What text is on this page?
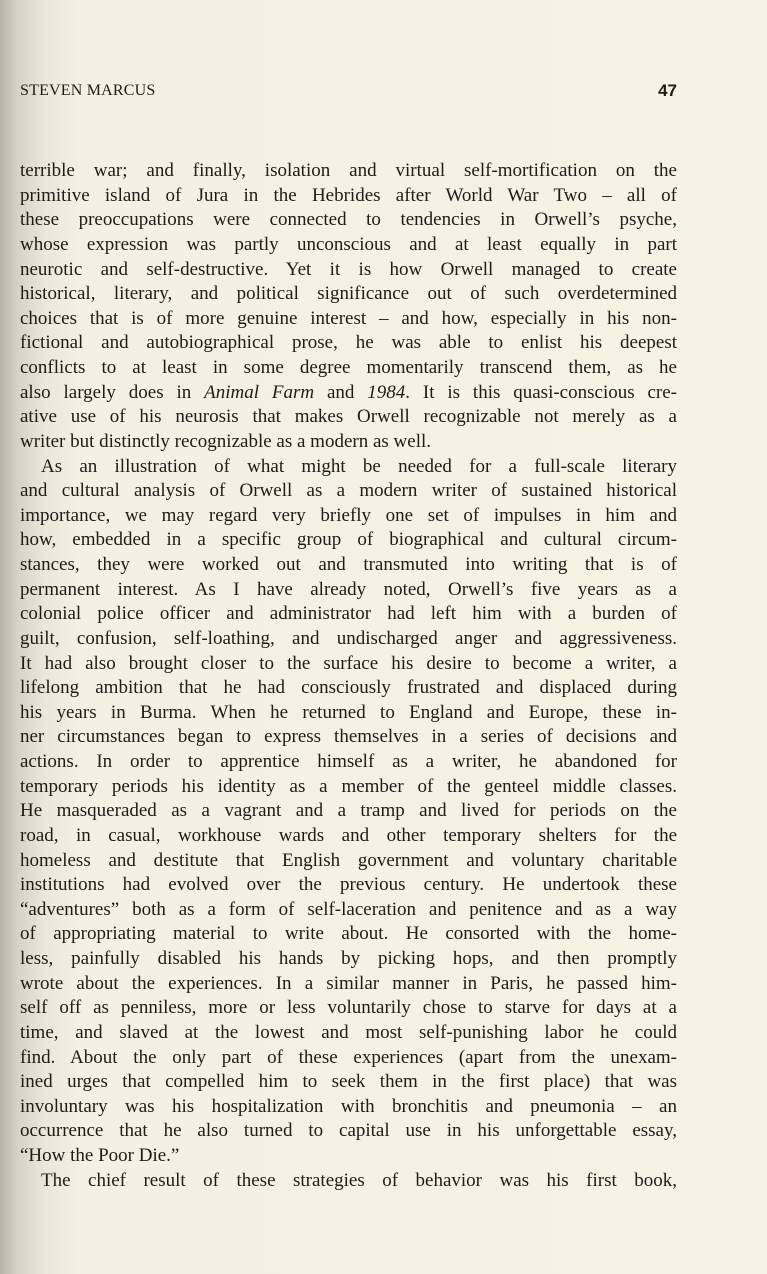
STEVEN MARCUS	47
terrible war; and finally, isolation and virtual self-mortification on the
primitive island of Jura in the Hebrides after World War Two – all of
these preoccupations were connected to tendencies in Orwell’s psyche,
whose expression was partly unconscious and at least equally in part
neurotic and self-destructive. Yet it is how Orwell managed to create
historical, literary, and political significance out of such overdetermined
choices that is of more genuine interest – and how, especially in his non-
fictional and autobiographical prose, he was able to enlist his deepest
conflicts to at least in some degree momentarily transcend them, as he
also largely does in Animal Farm and 1984. It is this quasi-conscious cre-
ative use of his neurosis that makes Orwell recognizable not merely as a
writer but distinctly recognizable as a modern as well.
As an illustration of what might be needed for a full-scale literary
and cultural analysis of Orwell as a modern writer of sustained historical
importance, we may regard very briefly one set of impulses in him and
how, embedded in a specific group of biographical and cultural circum-
stances, they were worked out and transmuted into writing that is of
permanent interest. As I have already noted, Orwell’s five years as a
colonial police officer and administrator had left him with a burden of
guilt, confusion, self-loathing, and undischarged anger and aggressiveness.
It had also brought closer to the surface his desire to become a writer, a
lifelong ambition that he had consciously frustrated and displaced during
his years in Burma. When he returned to England and Europe, these in-
ner circumstances began to express themselves in a series of decisions and
actions. In order to apprentice himself as a writer, he abandoned for
temporary periods his identity as a member of the genteel middle classes.
He masqueraded as a vagrant and a tramp and lived for periods on the
road, in casual, workhouse wards and other temporary shelters for the
homeless and destitute that English government and voluntary charitable
institutions had evolved over the previous century. He undertook these
“adventures” both as a form of self-laceration and penitence and as a way
of appropriating material to write about. He consorted with the home-
less, painfully disabled his hands by picking hops, and then promptly
wrote about the experiences. In a similar manner in Paris, he passed him-
self off as penniless, more or less voluntarily chose to starve for days at a
time, and slaved at the lowest and most self-punishing labor he could
find. About the only part of these experiences (apart from the unexam-
ined urges that compelled him to seek them in the first place) that was
involuntary was his hospitalization with bronchitis and pneumonia – an
occurrence that he also turned to capital use in his unforgettable essay,
“How the Poor Die.”
The chief result of these strategies of behavior was his first book,
